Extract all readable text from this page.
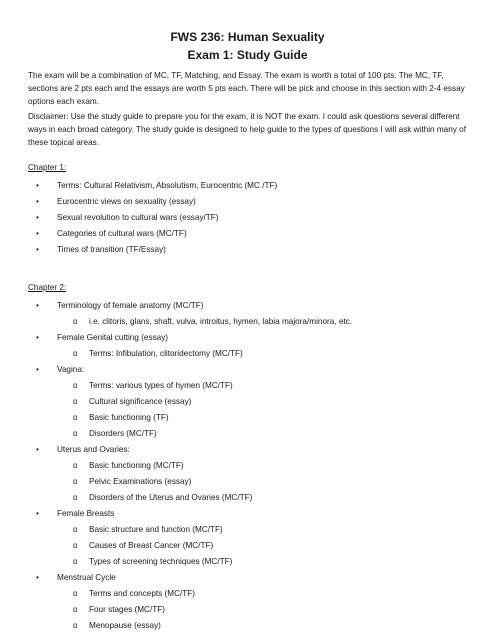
FWS 236: Human Sexuality
Exam 1: Study Guide

The exam will be a combination of MC, TF, Matching, and Essay. The exam is worth a total of 100 pts. The MC, TF, sections are 2 pts each and the essays are worth 5 pts each. There will be pick and choose in this section with 2-4 essay options each exam.

Disclaimer: Use the study guide to prepare you for the exam, it is NOT the exam. I could ask questions several different ways in each broad category. The study guide is designed to help guide to the types of questions I will ask within many of these topical areas.

Chapter 1:
Chapter 2:
• Terms: Cultural Relativism, Absolutism, Eurocentric (MC /TF)
• Eurocentric views on sexuality (essay)
• Sexual revolution to cultural wars (essay/TF)
• Categories of cultural wars (MC/TF)
• Times of transition (TF/Essay)
• Terminology of female anatomy (MC/TF)
o i.e. clitoris, glans, shaft, vulva, introitus, hymen, labia majora/minora, etc.
• Female Genital cutting (essay)
o Terms: Infibulation, clitoridectomy (MC/TF)
• Vagina:
o Terms: various types of hymen (MC/TF)
o Cultural significance (essay)
o Basic functioning (TF)
o Disorders (MC/TF)
• Uterus and Ovaries:
o Basic functioning (MC/TF)
o Pelvic Examinations (essay)
o Disorders of the Uterus and Ovaries (MC/TF)
• Female Breasts
o Basic structure and function (MC/TF)
o Causes of Breast Cancer (MC/TF)
o Types of screening techniques (MC/TF)
• Menstrual Cycle
o Terms and concepts (MC/TF)
o Four stages (MC/TF)
o Menopause (essay)
